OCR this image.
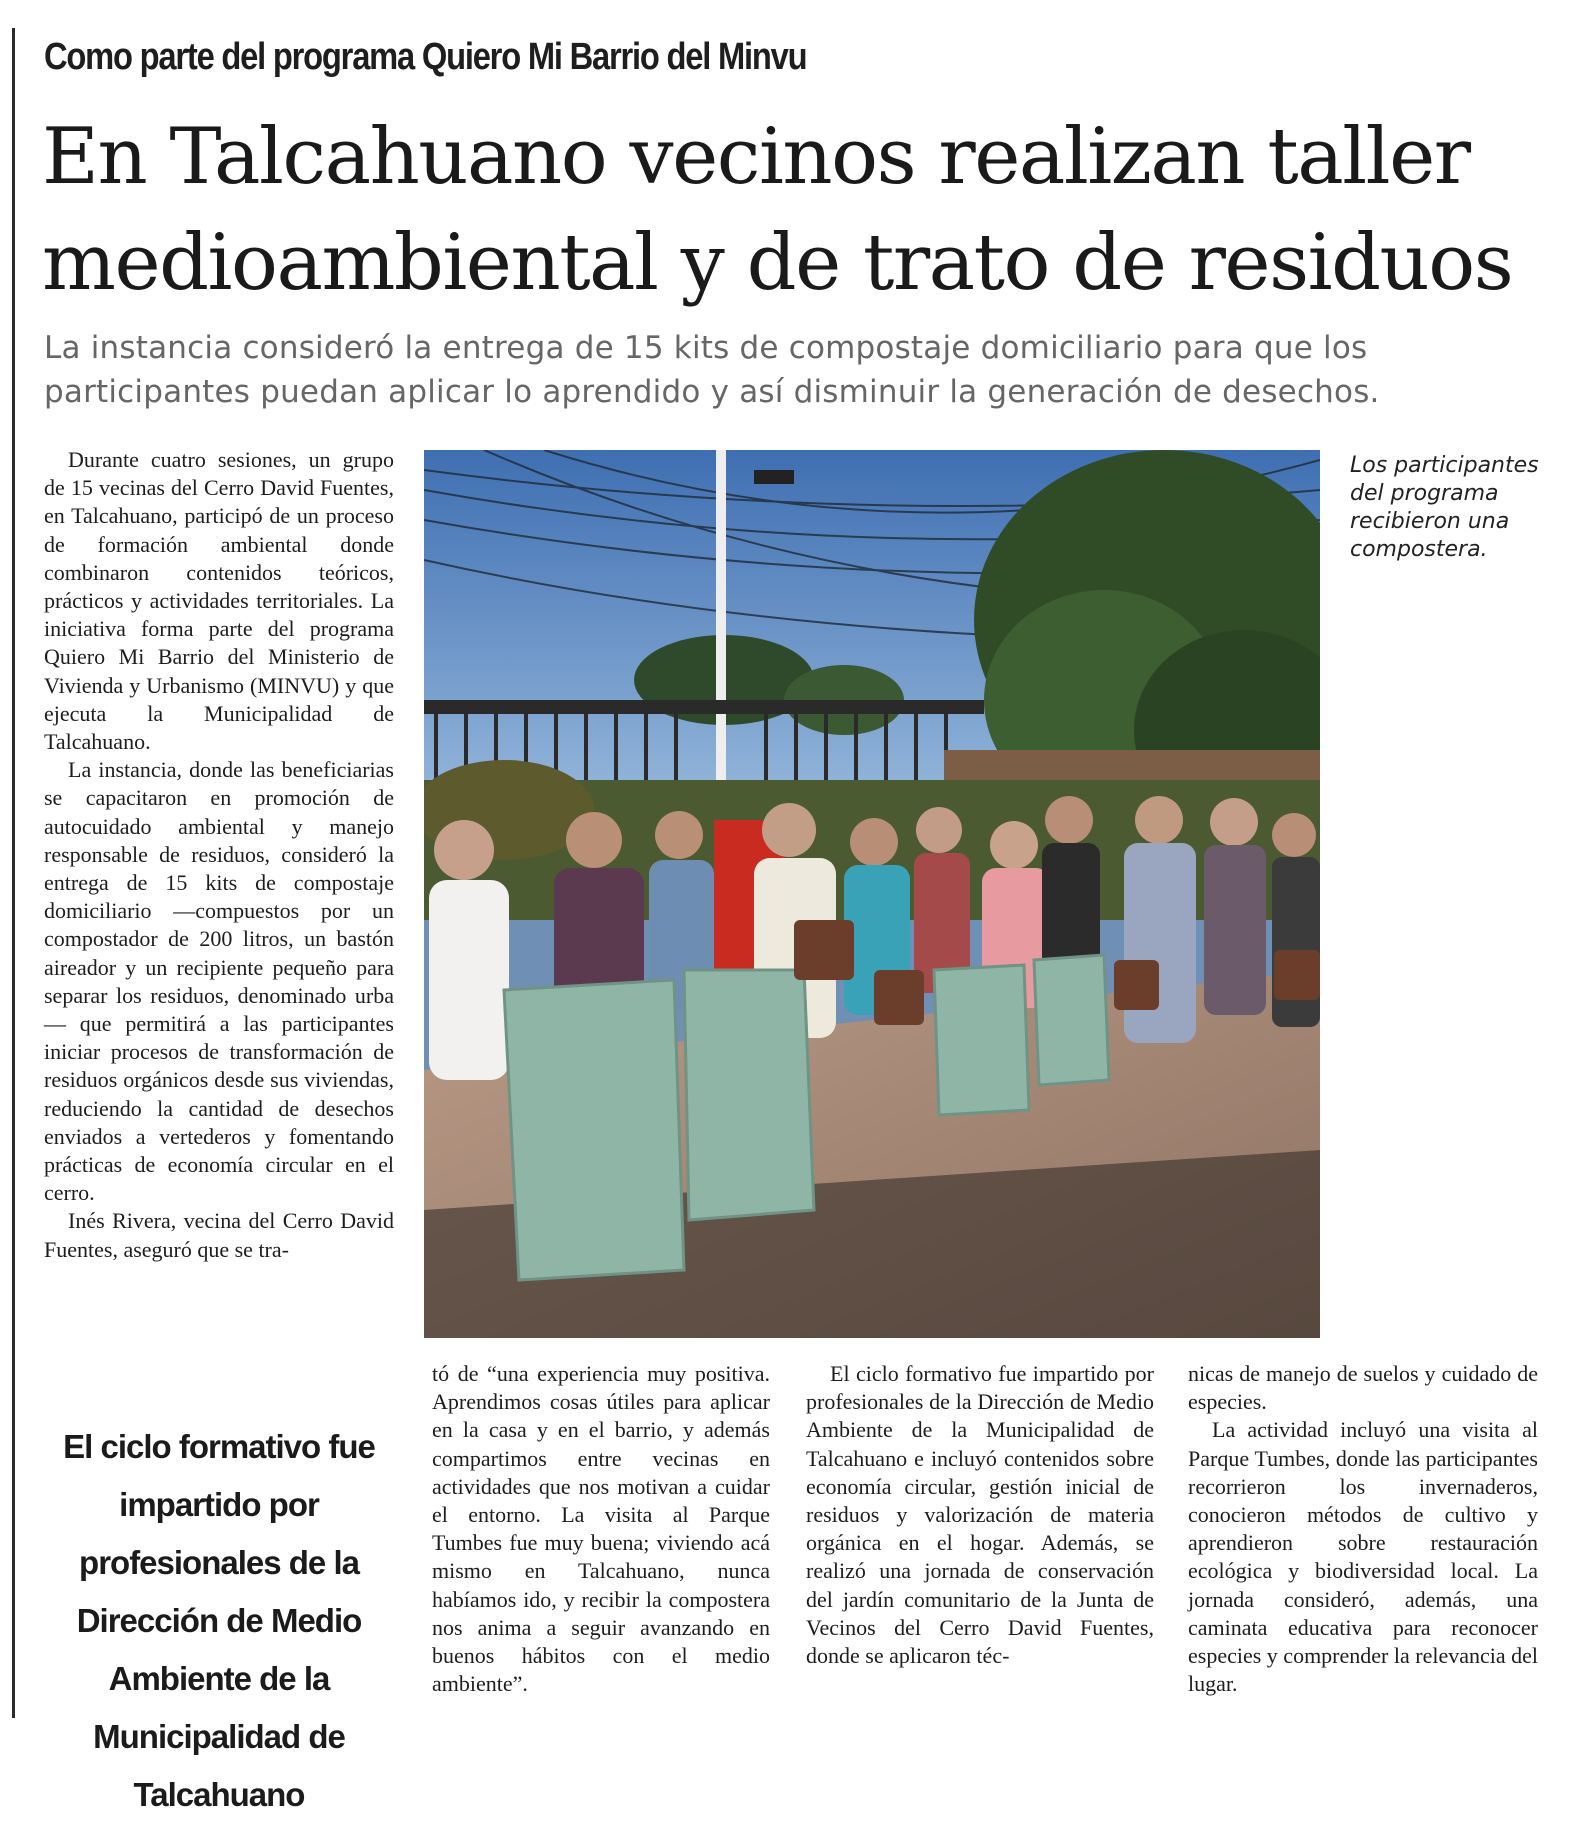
Como parte del programa Quiero Mi Barrio del Minvu
En Talcahuano vecinos realizan taller medioambiental y de trato de residuos
La instancia consideró la entrega de 15 kits de compostaje domiciliario para que los participantes puedan aplicar lo aprendido y así disminuir la generación de desechos.

Durante cuatro sesiones, un grupo de 15 vecinas del Cerro David Fuentes, en Talcahuano, participó de un proceso de formación ambiental donde combinaron contenidos teóricos, prácticos y actividades territoriales. La iniciativa forma parte del programa Quiero Mi Barrio del Ministerio de Vivienda y Urbanismo (MINVU) y que ejecuta la Municipalidad de Talcahuano.

La instancia, donde las beneficiarias se capacitaron en promoción de autocuidado ambiental y manejo responsable de residuos, consideró la entrega de 15 kits de compostaje domiciliario —compuestos por un compostador de 200 litros, un bastón aireador y un recipiente pequeño para separar los residuos, denominado urba— que permitirá a las participantes iniciar procesos de transformación de residuos orgánicos desde sus viviendas, reduciendo la cantidad de desechos enviados a vertederos y fomentando prácticas de economía circular en el cerro.

Inés Rivera, vecina del Cerro David Fuentes, aseguró que se tra-

Los participantes del programa recibieron una compostera.
El ciclo formativo fue impartido por profesionales de la Dirección de Medio Ambiente de la Municipalidad de Talcahuano

tó de “una experiencia muy positiva. Aprendimos cosas útiles para aplicar en la casa y en el barrio, y además compartimos entre vecinas en actividades que nos motivan a cuidar el entorno. La visita al Parque Tumbes fue muy buena; viviendo acá mismo en Talcahuano, nunca habíamos ido, y recibir la compostera nos anima a seguir avanzando en buenos hábitos con el medio ambiente”.

El ciclo formativo fue impartido por profesionales de la Dirección de Medio Ambiente de la Municipalidad de Talcahuano e incluyó contenidos sobre economía circular, gestión inicial de residuos y valorización de materia orgánica en el hogar. Además, se realizó una jornada de conservación del jardín comunitario de la Junta de Vecinos del Cerro David Fuentes, donde se aplicaron téc-

nicas de manejo de suelos y cuidado de especies.

La actividad incluyó una visita al Parque Tumbes, donde las participantes recorrieron los invernaderos, conocieron métodos de cultivo y aprendieron sobre restauración ecológica y biodiversidad local. La jornada consideró, además, una caminata educativa para reconocer especies y comprender la relevancia del lugar.
